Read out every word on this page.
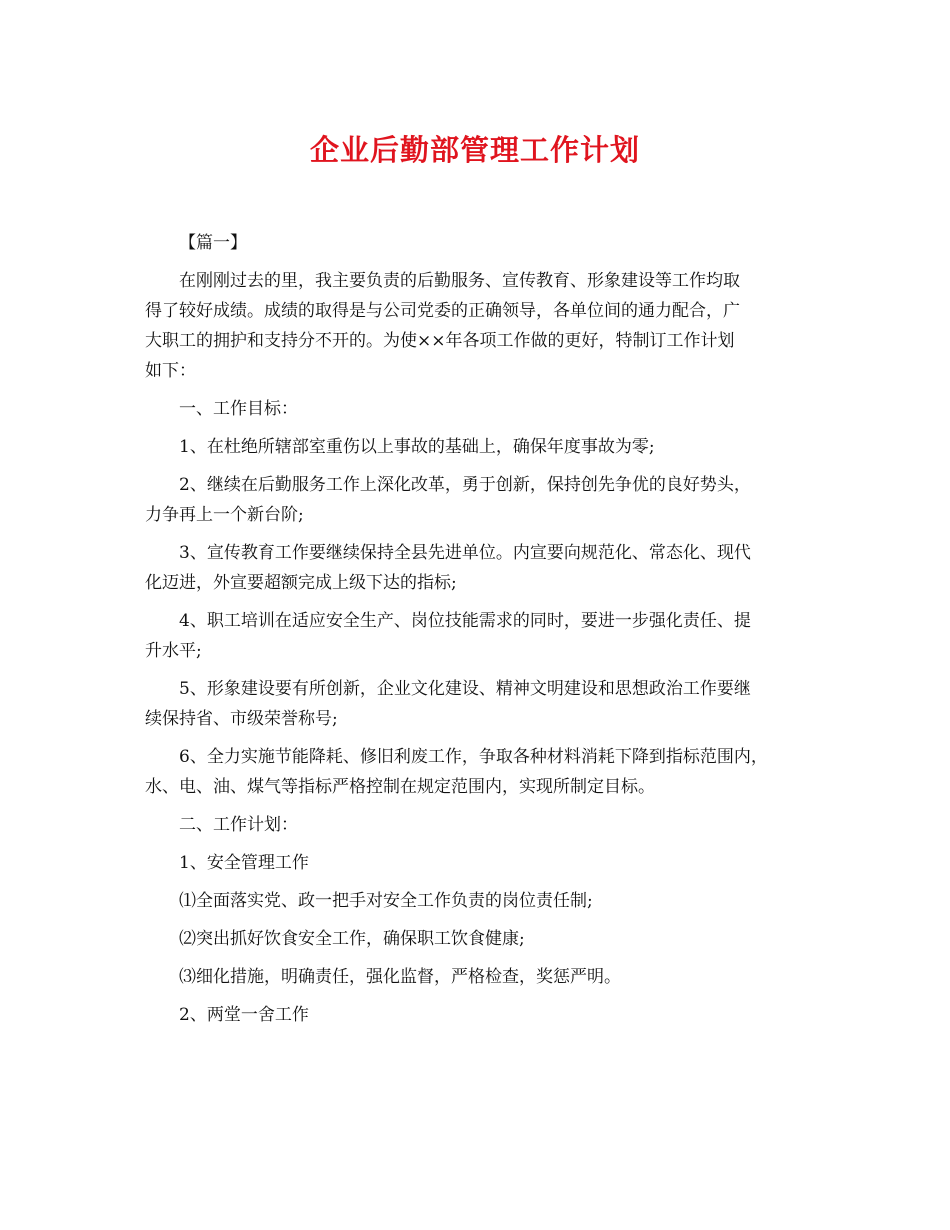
企业后勤部管理工作计划
【篇一】
在刚刚过去的里，我主要负责的后勤服务、宣传教育、形象建设等工作均取
得了较好成绩。成绩的取得是与公司党委的正确领导，各单位间的通力配合，广
大职工的拥护和支持分不开的。为使××年各项工作做的更好，特制订工作计划
如下：
一、工作目标：
1、在杜绝所辖部室重伤以上事故的基础上，确保年度事故为零;
2、继续在后勤服务工作上深化改革，勇于创新，保持创先争优的良好势头，
力争再上一个新台阶;
3、宣传教育工作要继续保持全县先进单位。内宣要向规范化、常态化、现代
化迈进，外宣要超额完成上级下达的指标;
4、职工培训在适应安全生产、岗位技能需求的同时，要进一步强化责任、提
升水平;
5、形象建设要有所创新，企业文化建设、精神文明建设和思想政治工作要继
续保持省、市级荣誉称号;
6、全力实施节能降耗、修旧利废工作，争取各种材料消耗下降到指标范围内，
水、电、油、煤气等指标严格控制在规定范围内，实现所制定目标。
二、工作计划：
1、安全管理工作
⑴全面落实党、政一把手对安全工作负责的岗位责任制;
⑵突出抓好饮食安全工作，确保职工饮食健康;
⑶细化措施，明确责任，强化监督，严格检查，奖惩严明。
2、两堂一舍工作
